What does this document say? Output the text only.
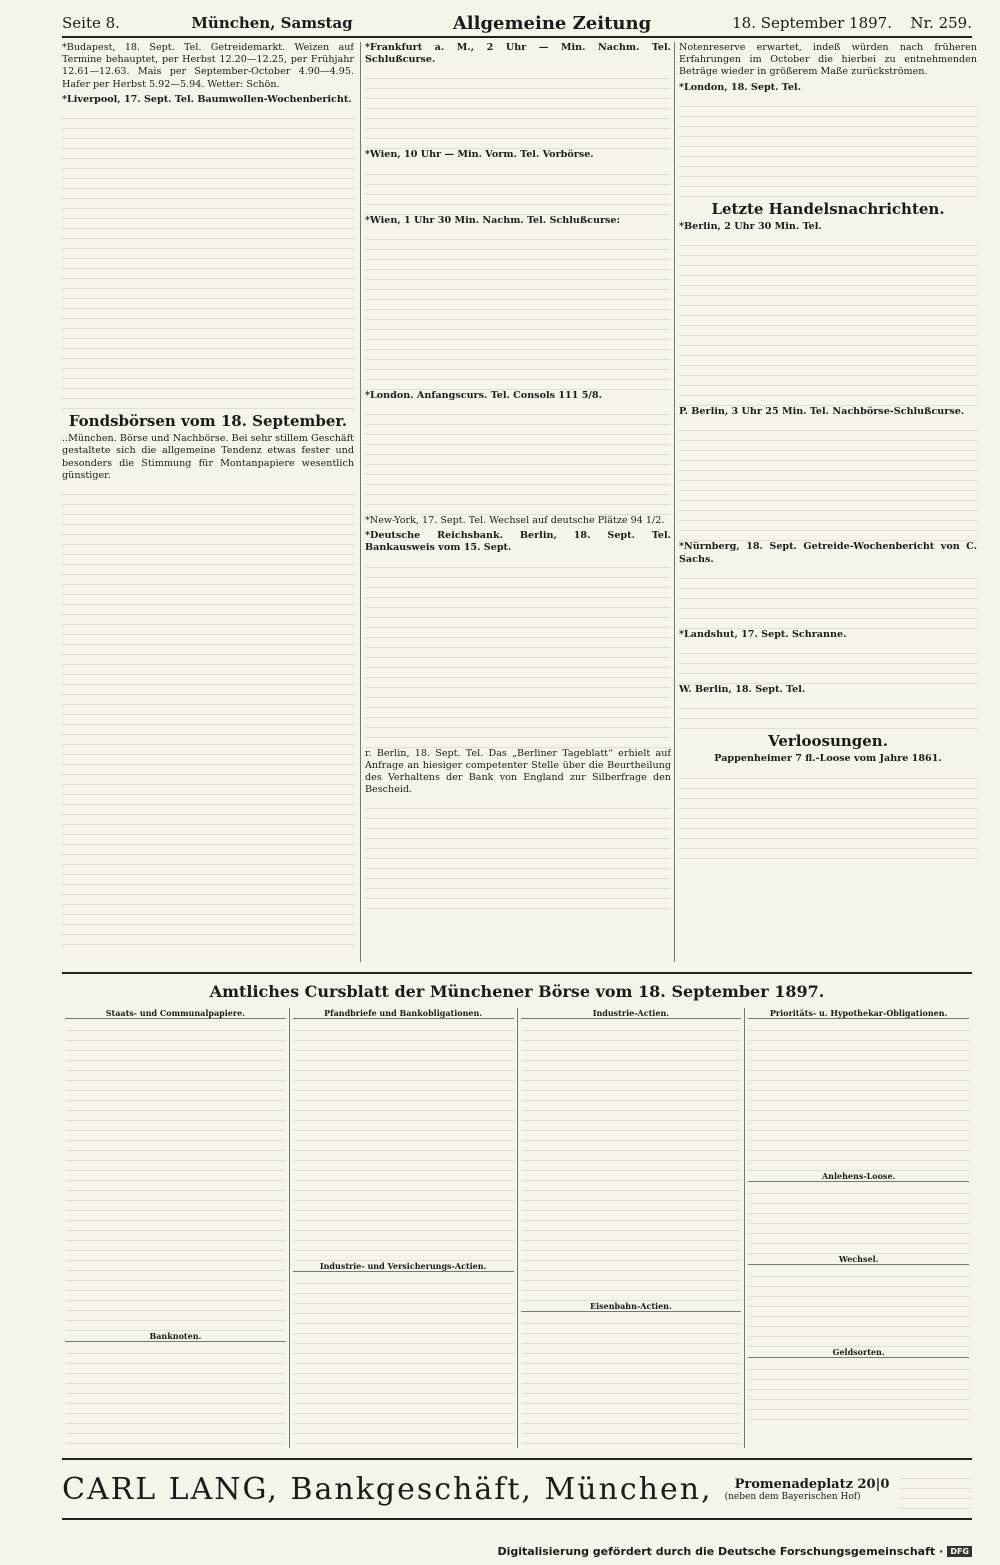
Seite 8.	München, Samstag	Allgemeine Zeitung	18. September 1897.	Nr. 259.

*Budapest, 18. Sept. Tel. Getreidemarkt. Weizen auf Termine behauptet, per Herbst 12.20—12.25, per Frühjahr 12.61—12.63. Mais per September-October 4.90—4.95. Hafer per Herbst 5.92—5.94. Wetter: Schön.

*Liverpool, 17. Sept. Tel. Baumwollen-Wochenbericht.

Fondsbörsen vom 18. September.

..München. Börse und Nachbörse. Bei sehr stillem Geschäft gestaltete sich die allgemeine Tendenz etwas fester und besonders die Stimmung für Montanpapiere wesentlich günstiger.

*Frankfurt a. M., 2 Uhr — Min. Nachm. Tel. Schlußcurse.

*Wien, 10 Uhr — Min. Vorm. Tel. Vorbörse.

*Wien, 1 Uhr 30 Min. Nachm. Tel. Schlußcurse:

*London. Anfangscurs. Tel. Consols 111 5/8.

*New-York, 17. Sept. Tel. Wechsel auf deutsche Plätze 94 1/2.

*Deutsche Reichsbank. Berlin, 18. Sept. Tel. Bankausweis vom 15. Sept.

r. Berlin, 18. Sept. Tel. Das „Berliner Tageblatt“ erhielt auf Anfrage an hiesiger competenter Stelle über die Beurtheilung des Verhaltens der Bank von England zur Silberfrage den Bescheid.

Notenreserve erwartet, indeß würden nach früheren Erfahrungen im October die hierbei zu entnehmenden Beträge wieder in größerem Maße zurückströmen.

*London, 18. Sept. Tel.

Letzte Handelsnachrichten.

*Berlin, 2 Uhr 30 Min. Tel.

P. Berlin, 3 Uhr 25 Min. Tel. Nachbörse-Schlußcurse.

*Nürnberg, 18. Sept. Getreide-Wochenbericht von C. Sachs.

*Landshut, 17. Sept. Schranne.

W. Berlin, 18. Sept. Tel.

Verloosungen.

Pappenheimer 7 fl.-Loose vom Jahre 1861.

Amtliches Cursblatt der Münchener Börse vom 18. September 1897.
Staats- und Communalpapiere.
Banknoten.
Pfandbriefe und Bankobligationen.
Industrie- und Versicherungs-Actien.
Industrie-Actien.
Eisenbahn-Actien.
Prioritäts- u. Hypothekar-Obligationen.
Anlehens-Loose.
Wechsel.
Geldsorten.
CARL LANG, Bankgeschäft, München, Promenadeplatz 20|0
(neben dem Bayerischen Hof)
Digitalisierung gefördert durch die Deutsche Forschungsgemeinschaft · DFG
